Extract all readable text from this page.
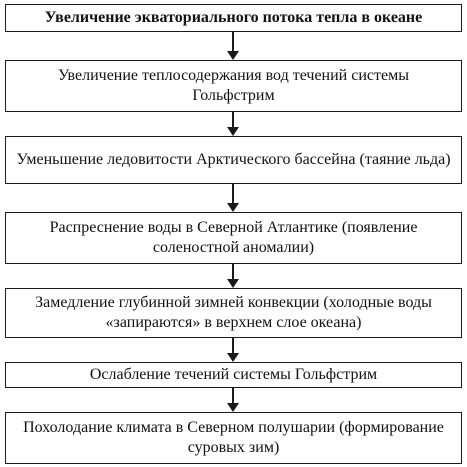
Увеличение экваториального потока тепла в океане
Увеличение теплосодержания вод течений системы Гольфстрим
Уменьшение ледовитости Арктического бассейна (таяние льда)
Распреснение воды в Северной Атлантике (появление соленостной аномалии)
Замедление глубинной зимней конвекции (холодные воды «запираются» в верхнем слое океана)
Ослабление течений системы Гольфстрим
Похолодание климата в Северном полушарии (формирование суровых зим)
